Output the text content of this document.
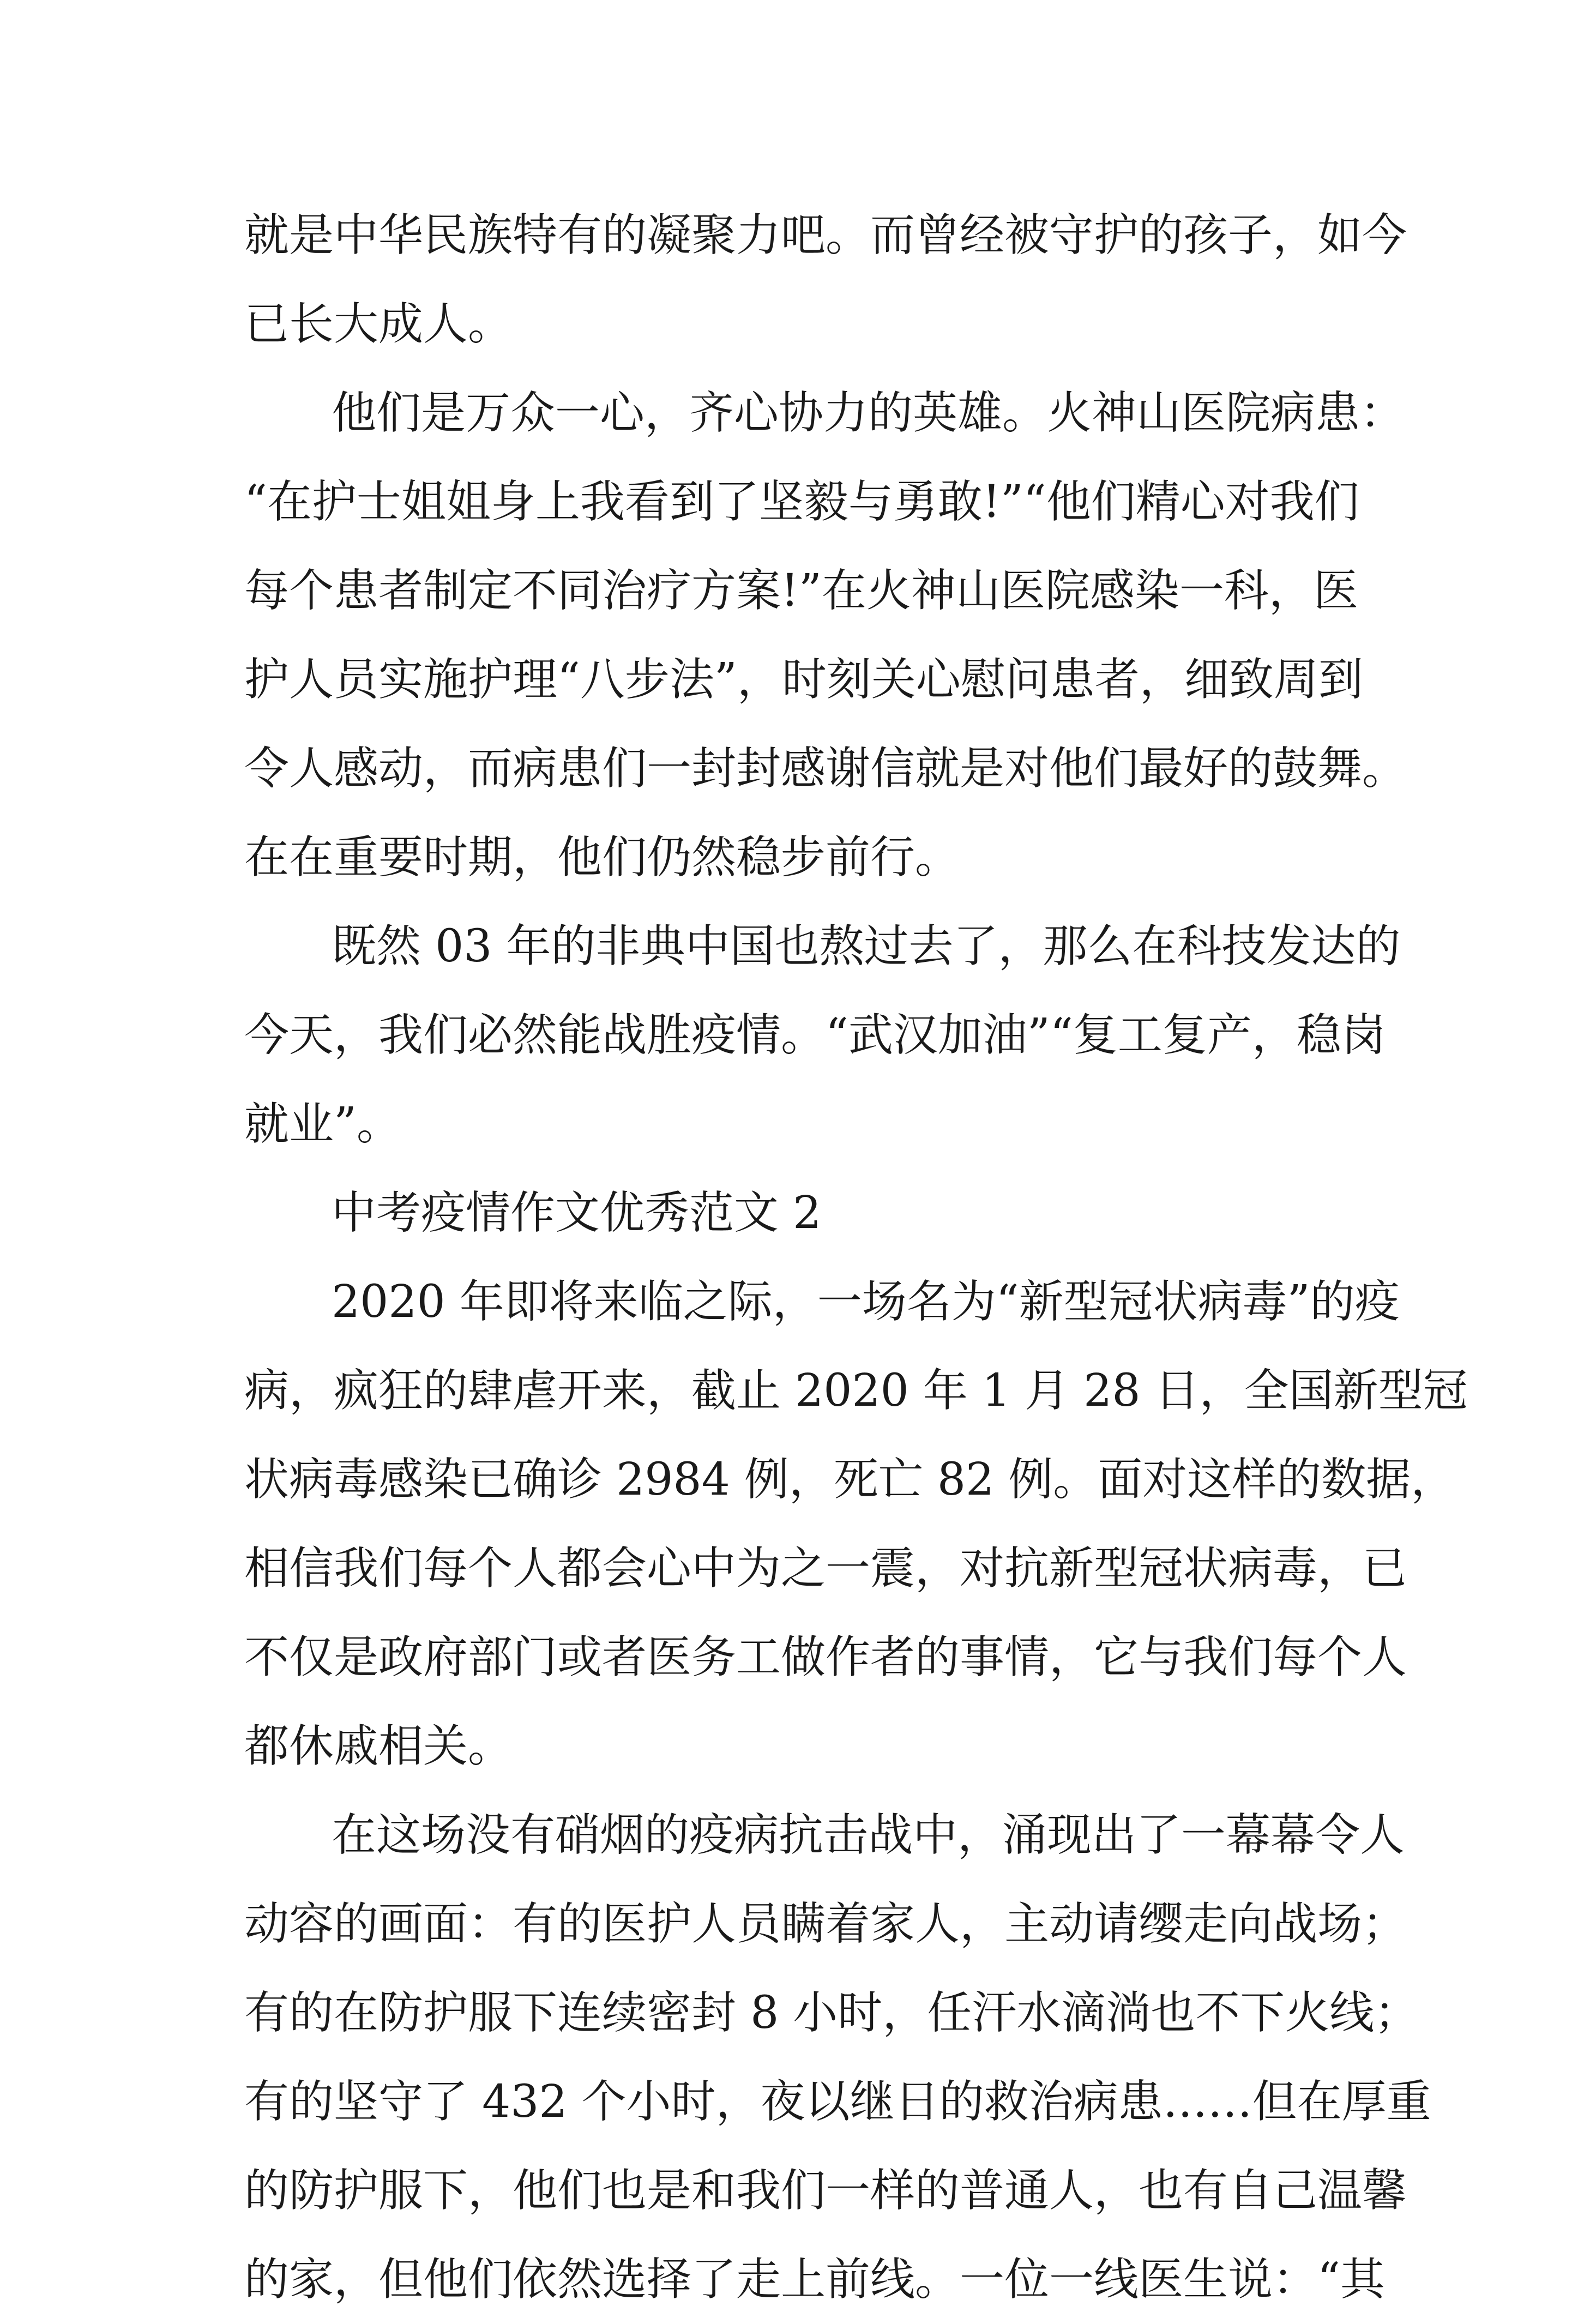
就是中华民族特有的凝聚力吧。而曾经被守护的孩子，如今
已长大成人。
他们是万众一心，齐心协力的英雄。火神山医院病患：
“在护士姐姐身上我看到了坚毅与勇敢!”“他们精心对我们
每个患者制定不同治疗方案!”在火神山医院感染一科，医
护人员实施护理“八步法”，时刻关心慰问患者，细致周到
令人感动，而病患们一封封感谢信就是对他们最好的鼓舞。
在在重要时期，他们仍然稳步前行。
既然 03 年的非典中国也熬过去了，那么在科技发达的
今天，我们必然能战胜疫情。“武汉加油”“复工复产，稳岗
就业”。
中考疫情作文优秀范文 2
2020 年即将来临之际，一场名为“新型冠状病毒”的疫
病，疯狂的肆虐开来，截止 2020 年 1 月 28 日，全国新型冠
状病毒感染已确诊 2984 例，死亡 82 例。面对这样的数据，
相信我们每个人都会心中为之一震，对抗新型冠状病毒，已
不仅是政府部门或者医务工做作者的事情，它与我们每个人
都休戚相关。
在这场没有硝烟的疫病抗击战中，涌现出了一幕幕令人
动容的画面：有的医护人员瞒着家人，主动请缨走向战场；
有的在防护服下连续密封 8 小时，任汗水滴淌也不下火线；
有的坚守了 432 个小时，夜以继日的救治病患……但在厚重
的防护服下，他们也是和我们一样的普通人，也有自己温馨
的家，但他们依然选择了走上前线。一位一线医生说：“其
